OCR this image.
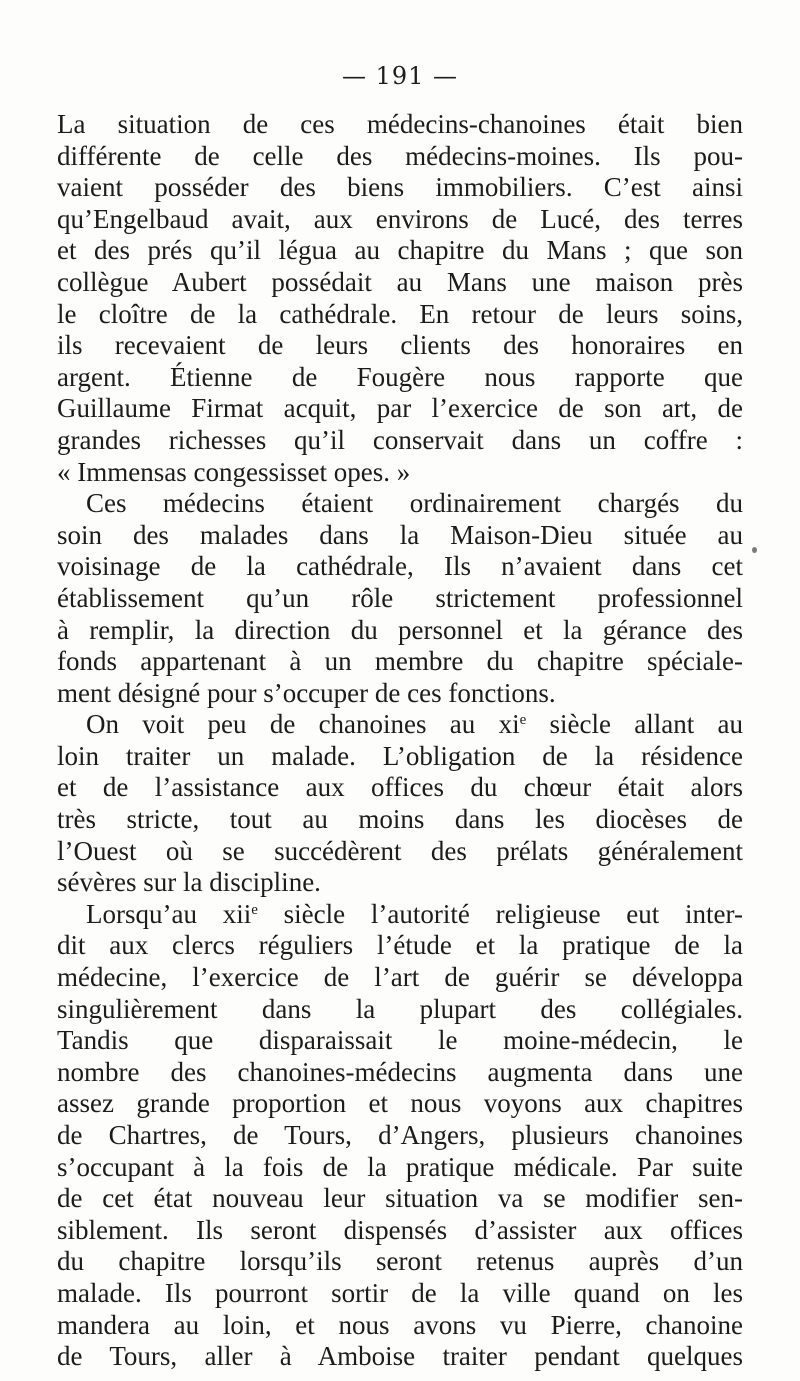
— 191 —
La situation de ces médecins-chanoines était bien
différente de celle des médecins-moines. Ils pou-
vaient posséder des biens immobiliers. C’est ainsi
qu’Engelbaud avait, aux environs de Lucé, des terres
et des prés qu’il légua au chapitre du Mans ; que son
collègue Aubert possédait au Mans une maison près
le cloître de la cathédrale. En retour de leurs soins,
ils recevaient de leurs clients des honoraires en
argent. Étienne de Fougère nous rapporte que
Guillaume Firmat acquit, par l’exercice de son art, de
grandes richesses qu’il conservait dans un coffre :
« Immensas congessisset opes. »
Ces médecins étaient ordinairement chargés du
soin des malades dans la Maison-Dieu située au
voisinage de la cathédrale, Ils n’avaient dans cet
établissement qu’un rôle strictement professionnel
à remplir, la direction du personnel et la gérance des
fonds appartenant à un membre du chapitre spéciale-
ment désigné pour s’occuper de ces fonctions.
On voit peu de chanoines au $xi^e$ siècle allant au
loin traiter un malade. L’obligation de la résidence
et de l’assistance aux offices du chœur était alors
très stricte, tout au moins dans les diocèses de
l’Ouest où se succédèrent des prélats généralement
sévères sur la discipline.
Lorsqu’au xii$^e$ siècle l’autorité religieuse eut inter-
dit aux clercs réguliers l’étude et la pratique de la
médecine, l’exercice de l’art de guérir se développa
singulièrement dans la plupart des collégiales.
Tandis que disparaissait le moine-médecin, le
nombre des chanoines-médecins augmenta dans une
assez grande proportion et nous voyons aux chapitres
de Chartres, de Tours, d’Angers, plusieurs chanoines
s’occupant à la fois de la pratique médicale. Par suite
de cet état nouveau leur situation va se modifier sen-
siblement. Ils seront dispensés d’assister aux offices
du chapitre lorsqu’ils seront retenus auprès d’un
malade. Ils pourront sortir de la ville quand on les
mandera au loin, et nous avons vu Pierre, chanoine
de Tours, aller à Amboise traiter pendant quelques
